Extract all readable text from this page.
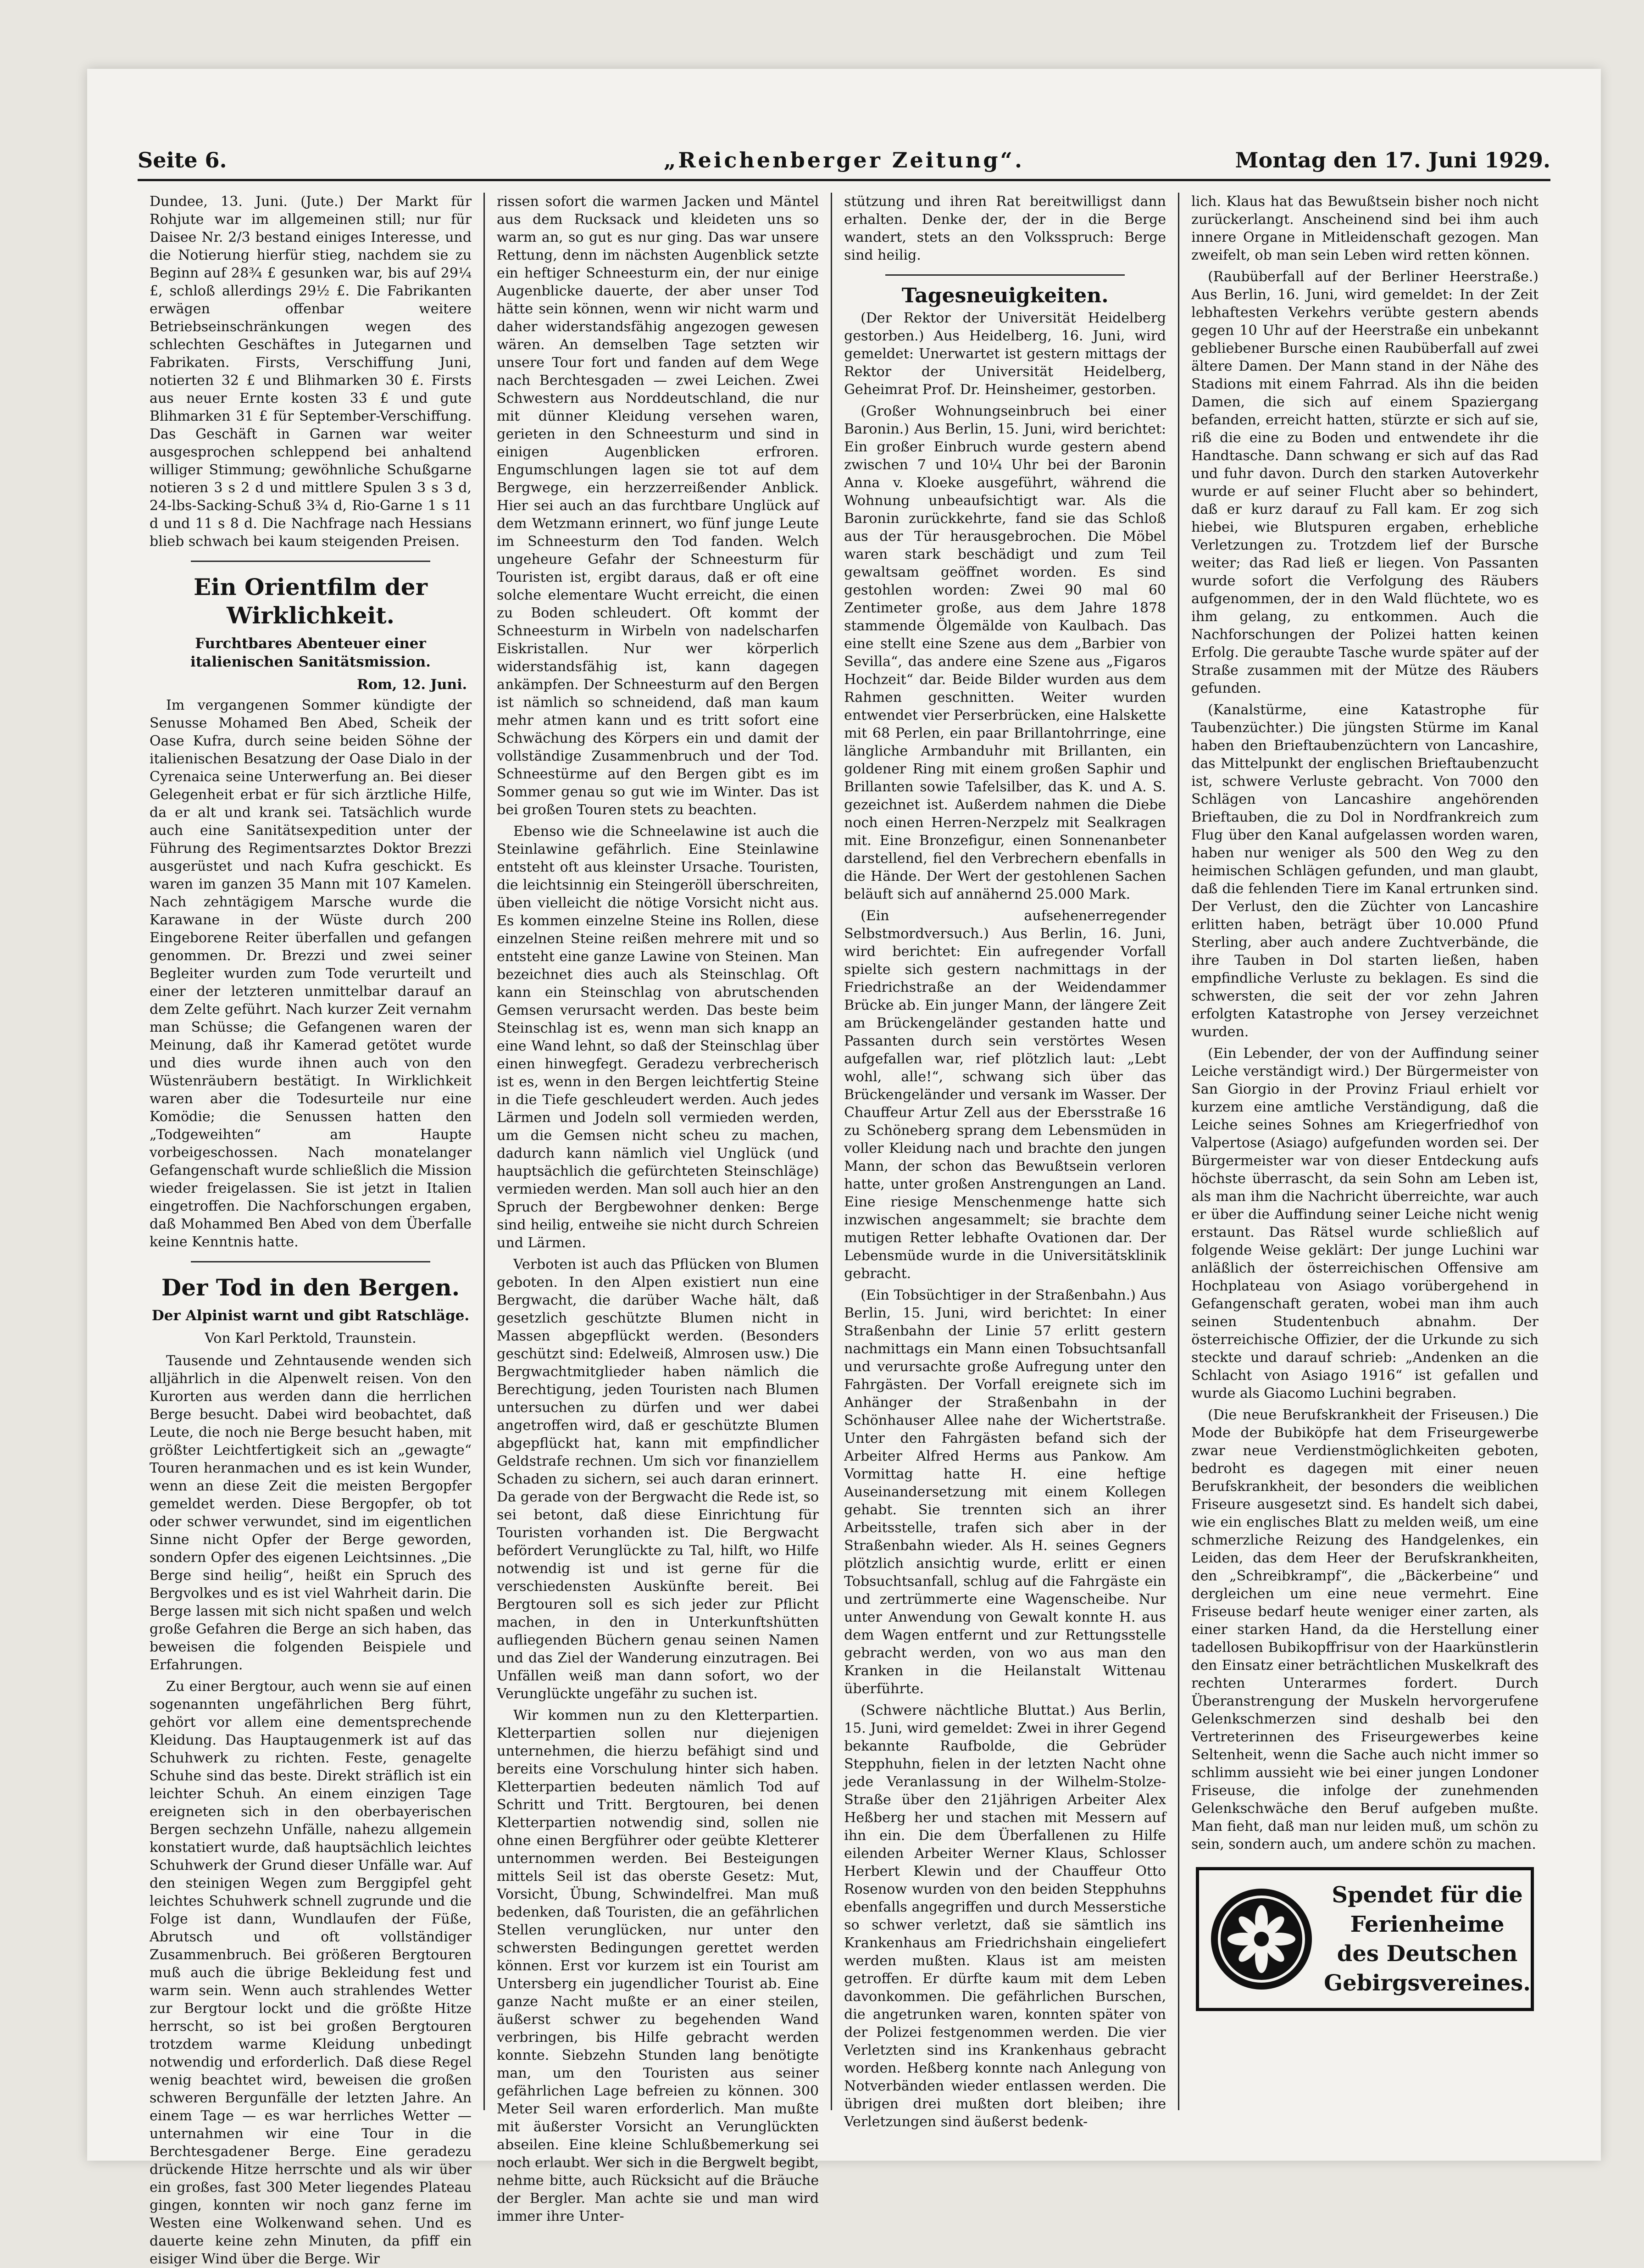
Seite 6.	„Reichenberger Zeitung“.	Montag den 17. Juni 1929.

Dundee, 13. Juni. (Jute.) Der Markt für Rohjute war im allgemeinen still; nur für Daisee Nr. 2/3 bestand einiges Interesse, und die Notierung hierfür stieg, nachdem sie zu Beginn auf 28¾ £ gesunken war, bis auf 29¼ £, schloß allerdings 29½ £. Die Fabrikanten erwägen offenbar weitere Betriebseinschränkungen wegen des schlechten Geschäftes in Jutegarnen und Fabrikaten. Firsts, Verschiffung Juni, notierten 32 £ und Blihmarken 30 £. Firsts aus neuer Ernte kosten 33 £ und gute Blihmarken 31 £ für September-Verschiffung. Das Geschäft in Garnen war weiter ausgesprochen schleppend bei anhaltend williger Stimmung; gewöhnliche Schußgarne notieren 3 s 2 d und mittlere Spulen 3 s 3 d, 24-lbs-Sacking-Schuß 3¾ d, Rio-Garne 1 s 11 d und 11 s 8 d. Die Nachfrage nach Hessians blieb schwach bei kaum steigenden Preisen.

Ein Orientfilm der Wirklichkeit.
Furchtbares Abenteuer einer italienischen Sanitätsmission.
Rom, 12. Juni.

Im vergangenen Sommer kündigte der Senusse Mohamed Ben Abed, Scheik der Oase Kufra, durch seine beiden Söhne der italienischen Besatzung der Oase Dialo in der Cyrenaica seine Unterwerfung an. Bei dieser Gelegenheit erbat er für sich ärztliche Hilfe, da er alt und krank sei. Tatsächlich wurde auch eine Sanitätsexpedition unter der Führung des Regimentsarztes Doktor Brezzi ausgerüstet und nach Kufra geschickt. Es waren im ganzen 35 Mann mit 107 Kamelen. Nach zehntägigem Marsche wurde die Karawane in der Wüste durch 200 Eingeborene Reiter überfallen und gefangen genommen. Dr. Brezzi und zwei seiner Begleiter wurden zum Tode verurteilt und einer der letzteren unmittelbar darauf an dem Zelte geführt. Nach kurzer Zeit vernahm man Schüsse; die Gefangenen waren der Meinung, daß ihr Kamerad getötet wurde und dies wurde ihnen auch von den Wüstenräubern bestätigt. In Wirklichkeit waren aber die Todesurteile nur eine Komödie; die Senussen hatten den „Todgeweihten“ am Haupte vorbeigeschossen. Nach monatelanger Gefangenschaft wurde schließlich die Mission wieder freigelassen. Sie ist jetzt in Italien eingetroffen. Die Nachforschungen ergaben, daß Mohammed Ben Abed von dem Überfalle keine Kenntnis hatte.

Der Tod in den Bergen.
Der Alpinist warnt und gibt Ratschläge.
Von Karl Perktold, Traunstein.

Tausende und Zehntausende wenden sich alljährlich in die Alpenwelt reisen. Von den Kurorten aus werden dann die herrlichen Berge besucht. Dabei wird beobachtet, daß Leute, die noch nie Berge besucht haben, mit größter Leichtfertigkeit sich an „gewagte“ Touren heranmachen und es ist kein Wunder, wenn an diese Zeit die meisten Bergopfer gemeldet werden. Diese Bergopfer, ob tot oder schwer verwundet, sind im eigentlichen Sinne nicht Opfer der Berge geworden, sondern Opfer des eigenen Leichtsinnes. „Die Berge sind heilig“, heißt ein Spruch des Bergvolkes und es ist viel Wahrheit darin. Die Berge lassen mit sich nicht spaßen und welch große Gefahren die Berge an sich haben, das beweisen die folgenden Beispiele und Erfahrungen.

Zu einer Bergtour, auch wenn sie auf einen sogenannten ungefährlichen Berg führt, gehört vor allem eine dementsprechende Kleidung. Das Hauptaugenmerk ist auf das Schuhwerk zu richten. Feste, genagelte Schuhe sind das beste. Direkt sträflich ist ein leichter Schuh. An einem einzigen Tage ereigneten sich in den oberbayerischen Bergen sechzehn Unfälle, nahezu allgemein konstatiert wurde, daß hauptsächlich leichtes Schuhwerk der Grund dieser Unfälle war. Auf den steinigen Wegen zum Berggipfel geht leichtes Schuhwerk schnell zugrunde und die Folge ist dann, Wundlaufen der Füße, Abrutsch und oft vollständiger Zusammenbruch. Bei größeren Bergtouren muß auch die übrige Bekleidung fest und warm sein. Wenn auch strahlendes Wetter zur Bergtour lockt und die größte Hitze herrscht, so ist bei großen Bergtouren trotzdem warme Kleidung unbedingt notwendig und erforderlich. Daß diese Regel wenig beachtet wird, beweisen die großen schweren Bergunfälle der letzten Jahre. An einem Tage — es war herrliches Wetter — unternahmen wir eine Tour in die Berchtesgadener Berge. Eine geradezu drückende Hitze herrschte und als wir über ein großes, fast 300 Meter liegendes Plateau gingen, konnten wir noch ganz ferne im Westen eine Wolkenwand sehen. Und es dauerte keine zehn Minuten, da pfiff ein eisiger Wind über die Berge. Wir

rissen sofort die warmen Jacken und Mäntel aus dem Rucksack und kleideten uns so warm an, so gut es nur ging. Das war unsere Rettung, denn im nächsten Augenblick setzte ein heftiger Schneesturm ein, der nur einige Augenblicke dauerte, der aber unser Tod hätte sein können, wenn wir nicht warm und daher widerstandsfähig angezogen gewesen wären. An demselben Tage setzten wir unsere Tour fort und fanden auf dem Wege nach Berchtesgaden — zwei Leichen. Zwei Schwestern aus Norddeutschland, die nur mit dünner Kleidung versehen waren, gerieten in den Schneesturm und sind in einigen Augenblicken erfroren. Engumschlungen lagen sie tot auf dem Bergwege, ein herzzerreißender Anblick. Hier sei auch an das furchtbare Unglück auf dem Wetzmann erinnert, wo fünf junge Leute im Schneesturm den Tod fanden. Welch ungeheure Gefahr der Schneesturm für Touristen ist, ergibt daraus, daß er oft eine solche elementare Wucht erreicht, die einen zu Boden schleudert. Oft kommt der Schneesturm in Wirbeln von nadelscharfen Eiskristallen. Nur wer körperlich widerstandsfähig ist, kann dagegen ankämpfen. Der Schneesturm auf den Bergen ist nämlich so schneidend, daß man kaum mehr atmen kann und es tritt sofort eine Schwächung des Körpers ein und damit der vollständige Zusammenbruch und der Tod. Schneestürme auf den Bergen gibt es im Sommer genau so gut wie im Winter. Das ist bei großen Touren stets zu beachten.

Ebenso wie die Schneelawine ist auch die Steinlawine gefährlich. Eine Steinlawine entsteht oft aus kleinster Ursache. Touristen, die leichtsinnig ein Steingeröll überschreiten, üben vielleicht die nötige Vorsicht nicht aus. Es kommen einzelne Steine ins Rollen, diese einzelnen Steine reißen mehrere mit und so entsteht eine ganze Lawine von Steinen. Man bezeichnet dies auch als Steinschlag. Oft kann ein Steinschlag von abrutschenden Gemsen verursacht werden. Das beste beim Steinschlag ist es, wenn man sich knapp an eine Wand lehnt, so daß der Steinschlag über einen hinwegfegt. Geradezu verbrecherisch ist es, wenn in den Bergen leichtfertig Steine in die Tiefe geschleudert werden. Auch jedes Lärmen und Jodeln soll vermieden werden, um die Gemsen nicht scheu zu machen, dadurch kann nämlich viel Unglück (und hauptsächlich die gefürchteten Steinschläge) vermieden werden. Man soll auch hier an den Spruch der Bergbewohner denken: Berge sind heilig, entweihe sie nicht durch Schreien und Lärmen.

Verboten ist auch das Pflücken von Blumen geboten. In den Alpen existiert nun eine Bergwacht, die darüber Wache hält, daß gesetzlich geschützte Blumen nicht in Massen abgepflückt werden. (Besonders geschützt sind: Edelweiß, Almrosen usw.) Die Bergwachtmitglieder haben nämlich die Berechtigung, jeden Touristen nach Blumen untersuchen zu dürfen und wer dabei angetroffen wird, daß er geschützte Blumen abgepflückt hat, kann mit empfindlicher Geldstrafe rechnen. Um sich vor finanziellem Schaden zu sichern, sei auch daran erinnert. Da gerade von der Bergwacht die Rede ist, so sei betont, daß diese Einrichtung für Touristen vorhanden ist. Die Bergwacht befördert Verunglückte zu Tal, hilft, wo Hilfe notwendig ist und ist gerne für die verschiedensten Auskünfte bereit. Bei Bergtouren soll es sich jeder zur Pflicht machen, in den in Unterkunftshütten aufliegenden Büchern genau seinen Namen und das Ziel der Wanderung einzutragen. Bei Unfällen weiß man dann sofort, wo der Verunglückte ungefähr zu suchen ist.

Wir kommen nun zu den Kletterpartien. Kletterpartien sollen nur diejenigen unternehmen, die hierzu befähigt sind und bereits eine Vorschulung hinter sich haben. Kletterpartien bedeuten nämlich Tod auf Schritt und Tritt. Bergtouren, bei denen Kletterpartien notwendig sind, sollen nie ohne einen Bergführer oder geübte Kletterer unternommen werden. Bei Besteigungen mittels Seil ist das oberste Gesetz: Mut, Vorsicht, Übung, Schwindelfrei. Man muß bedenken, daß Touristen, die an gefährlichen Stellen verunglücken, nur unter den schwersten Bedingungen gerettet werden können. Erst vor kurzem ist ein Tourist am Untersberg ein jugendlicher Tourist ab. Eine ganze Nacht mußte er an einer steilen, äußerst schwer zu begehenden Wand verbringen, bis Hilfe gebracht werden konnte. Siebzehn Stunden lang benötigte man, um den Touristen aus seiner gefährlichen Lage befreien zu können. 300 Meter Seil waren erforderlich. Man mußte mit äußerster Vorsicht an Verunglückten abseilen. Eine kleine Schlußbemerkung sei noch erlaubt. Wer sich in die Bergwelt begibt, nehme bitte, auch Rücksicht auf die Bräuche der Bergler. Man achte sie und man wird immer ihre Unter-

stützung und ihren Rat bereitwilligst dann erhalten. Denke der, der in die Berge wandert, stets an den Volksspruch: Berge sind heilig.

Tagesneuigkeiten.

(Der Rektor der Universität Heidelberg gestorben.) Aus Heidelberg, 16. Juni, wird gemeldet: Unerwartet ist gestern mittags der Rektor der Universität Heidelberg, Geheimrat Prof. Dr. Heinsheimer, gestorben.

(Großer Wohnungseinbruch bei einer Baronin.) Aus Berlin, 15. Juni, wird berichtet: Ein großer Einbruch wurde gestern abend zwischen 7 und 10¼ Uhr bei der Baronin Anna v. Kloeke ausgeführt, während die Wohnung unbeaufsichtigt war. Als die Baronin zurückkehrte, fand sie das Schloß aus der Tür herausgebrochen. Die Möbel waren stark beschädigt und zum Teil gewaltsam geöffnet worden. Es sind gestohlen worden: Zwei 90 mal 60 Zentimeter große, aus dem Jahre 1878 stammende Ölgemälde von Kaulbach. Das eine stellt eine Szene aus dem „Barbier von Sevilla“, das andere eine Szene aus „Figaros Hochzeit“ dar. Beide Bilder wurden aus dem Rahmen geschnitten. Weiter wurden entwendet vier Perserbrücken, eine Halskette mit 68 Perlen, ein paar Brillantohrringe, eine längliche Armbanduhr mit Brillanten, ein goldener Ring mit einem großen Saphir und Brillanten sowie Tafelsilber, das K. und A. S. gezeichnet ist. Außerdem nahmen die Diebe noch einen Herren-Nerzpelz mit Sealkragen mit. Eine Bronzefigur, einen Sonnenanbeter darstellend, fiel den Verbrechern ebenfalls in die Hände. Der Wert der gestohlenen Sachen beläuft sich auf annähernd 25.000 Mark.

(Ein aufsehenerregender Selbstmordversuch.) Aus Berlin, 16. Juni, wird berichtet: Ein aufregender Vorfall spielte sich gestern nachmittags in der Friedrichstraße an der Weidendammer Brücke ab. Ein junger Mann, der längere Zeit am Brückengeländer gestanden hatte und Passanten durch sein verstörtes Wesen aufgefallen war, rief plötzlich laut: „Lebt wohl, alle!“, schwang sich über das Brückengeländer und versank im Wasser. Der Chauffeur Artur Zell aus der Ebersstraße 16 zu Schöneberg sprang dem Lebensmüden in voller Kleidung nach und brachte den jungen Mann, der schon das Bewußtsein verloren hatte, unter großen Anstrengungen an Land. Eine riesige Menschenmenge hatte sich inzwischen angesammelt; sie brachte dem mutigen Retter lebhafte Ovationen dar. Der Lebensmüde wurde in die Universitätsklinik gebracht.

(Ein Tobsüchtiger in der Straßenbahn.) Aus Berlin, 15. Juni, wird berichtet: In einer Straßenbahn der Linie 57 erlitt gestern nachmittags ein Mann einen Tobsuchtsanfall und verursachte große Aufregung unter den Fahrgästen. Der Vorfall ereignete sich im Anhänger der Straßenbahn in der Schönhauser Allee nahe der Wichertstraße. Unter den Fahrgästen befand sich der Arbeiter Alfred Herms aus Pankow. Am Vormittag hatte H. eine heftige Auseinandersetzung mit einem Kollegen gehabt. Sie trennten sich an ihrer Arbeitsstelle, trafen sich aber in der Straßenbahn wieder. Als H. seines Gegners plötzlich ansichtig wurde, erlitt er einen Tobsuchtsanfall, schlug auf die Fahrgäste ein und zertrümmerte eine Wagenscheibe. Nur unter Anwendung von Gewalt konnte H. aus dem Wagen entfernt und zur Rettungsstelle gebracht werden, von wo aus man den Kranken in die Heilanstalt Wittenau überführte.

(Schwere nächtliche Bluttat.) Aus Berlin, 15. Juni, wird gemeldet: Zwei in ihrer Gegend bekannte Raufbolde, die Gebrüder Stepphuhn, fielen in der letzten Nacht ohne jede Veranlassung in der Wilhelm-Stolze-Straße über den 21jährigen Arbeiter Alex Heßberg her und stachen mit Messern auf ihn ein. Die dem Überfallenen zu Hilfe eilenden Arbeiter Werner Klaus, Schlosser Herbert Klewin und der Chauffeur Otto Rosenow wurden von den beiden Stepphuhns ebenfalls angegriffen und durch Messerstiche so schwer verletzt, daß sie sämtlich ins Krankenhaus am Friedrichshain eingeliefert werden mußten. Klaus ist am meisten getroffen. Er dürfte kaum mit dem Leben davonkommen. Die gefährlichen Burschen, die angetrunken waren, konnten später von der Polizei festgenommen werden. Die vier Verletzten sind ins Krankenhaus gebracht worden. Heßberg konnte nach Anlegung von Notverbänden wieder entlassen werden. Die übrigen drei mußten dort bleiben; ihre Verletzungen sind äußerst bedenk-

lich. Klaus hat das Bewußtsein bisher noch nicht zurückerlangt. Anscheinend sind bei ihm auch innere Organe in Mitleidenschaft gezogen. Man zweifelt, ob man sein Leben wird retten können.

(Raubüberfall auf der Berliner Heerstraße.) Aus Berlin, 16. Juni, wird gemeldet: In der Zeit lebhaftesten Verkehrs verübte gestern abends gegen 10 Uhr auf der Heerstraße ein unbekannt gebliebener Bursche einen Raubüberfall auf zwei ältere Damen. Der Mann stand in der Nähe des Stadions mit einem Fahrrad. Als ihn die beiden Damen, die sich auf einem Spaziergang befanden, erreicht hatten, stürzte er sich auf sie, riß die eine zu Boden und entwendete ihr die Handtasche. Dann schwang er sich auf das Rad und fuhr davon. Durch den starken Autoverkehr wurde er auf seiner Flucht aber so behindert, daß er kurz darauf zu Fall kam. Er zog sich hiebei, wie Blutspuren ergaben, erhebliche Verletzungen zu. Trotzdem lief der Bursche weiter; das Rad ließ er liegen. Von Passanten wurde sofort die Verfolgung des Räubers aufgenommen, der in den Wald flüchtete, wo es ihm gelang, zu entkommen. Auch die Nachforschungen der Polizei hatten keinen Erfolg. Die geraubte Tasche wurde später auf der Straße zusammen mit der Mütze des Räubers gefunden.

(Kanalstürme, eine Katastrophe für Taubenzüchter.) Die jüngsten Stürme im Kanal haben den Brieftaubenzüchtern von Lancashire, das Mittelpunkt der englischen Brieftaubenzucht ist, schwere Verluste gebracht. Von 7000 den Schlägen von Lancashire angehörenden Brieftauben, die zu Dol in Nordfrankreich zum Flug über den Kanal aufgelassen worden waren, haben nur weniger als 500 den Weg zu den heimischen Schlägen gefunden, und man glaubt, daß die fehlenden Tiere im Kanal ertrunken sind. Der Verlust, den die Züchter von Lancashire erlitten haben, beträgt über 10.000 Pfund Sterling, aber auch andere Zuchtverbände, die ihre Tauben in Dol starten ließen, haben empfindliche Verluste zu beklagen. Es sind die schwersten, die seit der vor zehn Jahren erfolgten Katastrophe von Jersey verzeichnet wurden.

(Ein Lebender, der von der Auffindung seiner Leiche verständigt wird.) Der Bürgermeister von San Giorgio in der Provinz Friaul erhielt vor kurzem eine amtliche Verständigung, daß die Leiche seines Sohnes am Kriegerfriedhof von Valpertose (Asiago) aufgefunden worden sei. Der Bürgermeister war von dieser Entdeckung aufs höchste überrascht, da sein Sohn am Leben ist, als man ihm die Nachricht überreichte, war auch er über die Auffindung seiner Leiche nicht wenig erstaunt. Das Rätsel wurde schließlich auf folgende Weise geklärt: Der junge Luchini war anläßlich der österreichischen Offensive am Hochplateau von Asiago vorübergehend in Gefangenschaft geraten, wobei man ihm auch seinen Studentenbuch abnahm. Der österreichische Offizier, der die Urkunde zu sich steckte und darauf schrieb: „Andenken an die Schlacht von Asiago 1916“ ist gefallen und wurde als Giacomo Luchini begraben.

(Die neue Berufskrankheit der Friseusen.) Die Mode der Bubiköpfe hat dem Friseurgewerbe zwar neue Verdienstmöglichkeiten geboten, bedroht es dagegen mit einer neuen Berufskrankheit, der besonders die weiblichen Friseure ausgesetzt sind. Es handelt sich dabei, wie ein englisches Blatt zu melden weiß, um eine schmerzliche Reizung des Handgelenkes, ein Leiden, das dem Heer der Berufskrankheiten, den „Schreibkrampf“, die „Bäckerbeine“ und dergleichen um eine neue vermehrt. Eine Friseuse bedarf heute weniger einer zarten, als einer starken Hand, da die Herstellung einer tadellosen Bubikopffrisur von der Haarkünstlerin den Einsatz einer beträchtlichen Muskelkraft des rechten Unterarmes fordert. Durch Überanstrengung der Muskeln hervorgerufene Gelenkschmerzen sind deshalb bei den Vertreterinnen des Friseurgewerbes keine Seltenheit, wenn die Sache auch nicht immer so schlimm aussieht wie bei einer jungen Londoner Friseuse, die infolge der zunehmenden Gelenkschwäche den Beruf aufgeben mußte. Man fieht, daß man nur leiden muß, um schön zu sein, sondern auch, um andere schön zu machen.

Spendet für die
Ferienheime
des Deutschen
Gebirgsvereines.
